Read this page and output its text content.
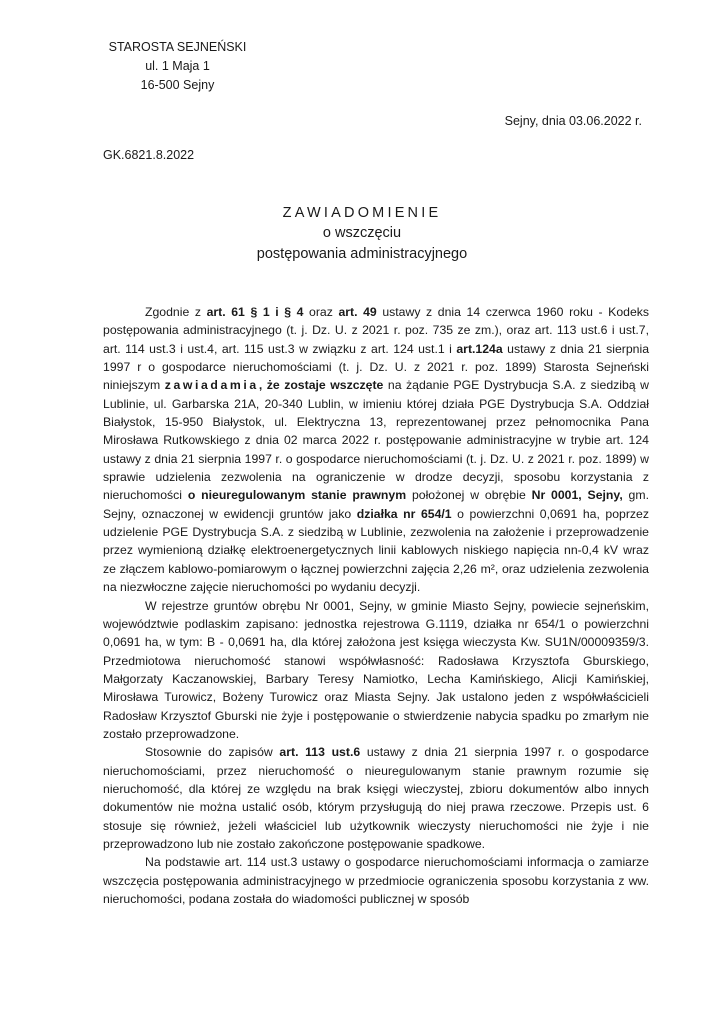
STAROSTA SEJNEŃSKI
ul. 1 Maja 1
16-500 Sejny
Sejny, dnia 03.06.2022 r.
GK.6821.8.2022
ZAWIADOMIENIE
o wszczęciu
postępowania administracyjnego

Zgodnie z art. 61 § 1 i § 4 oraz art. 49 ustawy z dnia 14 czerwca 1960 roku - Kodeks postępowania administracyjnego (t. j. Dz. U. z 2021 r. poz. 735 ze zm.), oraz art. 113 ust.6 i ust.7, art. 114 ust.3 i ust.4, art. 115 ust.3 w związku z art. 124 ust.1 i art.124a ustawy z dnia 21 sierpnia 1997 r o gospodarce nieruchomościami (t. j. Dz. U. z 2021 r. poz. 1899) Starosta Sejneński niniejszym zawiadamia, że zostaje wszczęte na żądanie PGE Dystrybucja S.A. z siedzibą w Lublinie, ul. Garbarska 21A, 20-340 Lublin, w imieniu której działa PGE Dystrybucja S.A. Oddział Białystok, 15-950 Białystok, ul. Elektryczna 13, reprezentowanej przez pełnomocnika Pana Mirosława Rutkowskiego z dnia 02 marca 2022 r. postępowanie administracyjne w trybie art. 124 ustawy z dnia 21 sierpnia 1997 r. o gospodarce nieruchomościami (t. j. Dz. U. z 2021 r. poz. 1899) w sprawie udzielenia zezwolenia na ograniczenie w drodze decyzji, sposobu korzystania z nieruchomości o nieuregulowanym stanie prawnym położonej w obrębie Nr 0001, Sejny, gm. Sejny, oznaczonej w ewidencji gruntów jako działka nr 654/1 o powierzchni 0,0691 ha, poprzez udzielenie PGE Dystrybucja S.A. z siedzibą w Lublinie, zezwolenia na założenie i przeprowadzenie przez wymienioną działkę elektroenergetycznych linii kablowych niskiego napięcia nn-0,4 kV wraz ze złączem kablowo-pomiarowym o łącznej powierzchni zajęcia 2,26 m², oraz udzielenia zezwolenia na niezwłoczne zajęcie nieruchomości po wydaniu decyzji.

W rejestrze gruntów obrębu Nr 0001, Sejny, w gminie Miasto Sejny, powiecie sejneńskim, województwie podlaskim zapisano: jednostka rejestrowa G.1119, działka nr 654/1 o powierzchni 0,0691 ha, w tym: B - 0,0691 ha, dla której założona jest księga wieczysta Kw. SU1N/00009359/3. Przedmiotowa nieruchomość stanowi współwłasność: Radosława Krzysztofa Gburskiego, Małgorzaty Kaczanowskiej, Barbary Teresy Namiotko, Lecha Kamińskiego, Alicji Kamińskiej, Mirosława Turowicz, Bożeny Turowicz oraz Miasta Sejny. Jak ustalono jeden z współwłaścicieli Radosław Krzysztof Gburski nie żyje i postępowanie o stwierdzenie nabycia spadku po zmarłym nie zostało przeprowadzone.

Stosownie do zapisów art. 113 ust.6 ustawy z dnia 21 sierpnia 1997 r. o gospodarce nieruchomościami, przez nieruchomość o nieuregulowanym stanie prawnym rozumie się nieruchomość, dla której ze względu na brak księgi wieczystej, zbioru dokumentów albo innych dokumentów nie można ustalić osób, którym przysługują do niej prawa rzeczowe. Przepis ust. 6 stosuje się również, jeżeli właściciel lub użytkownik wieczysty nieruchomości nie żyje i nie przeprowadzono lub nie zostało zakończone postępowanie spadkowe.

Na podstawie art. 114 ust.3 ustawy o gospodarce nieruchomościami informacja o zamiarze wszczęcia postępowania administracyjnego w przedmiocie ograniczenia sposobu korzystania z ww. nieruchomości, podana została do wiadomości publicznej w sposób
